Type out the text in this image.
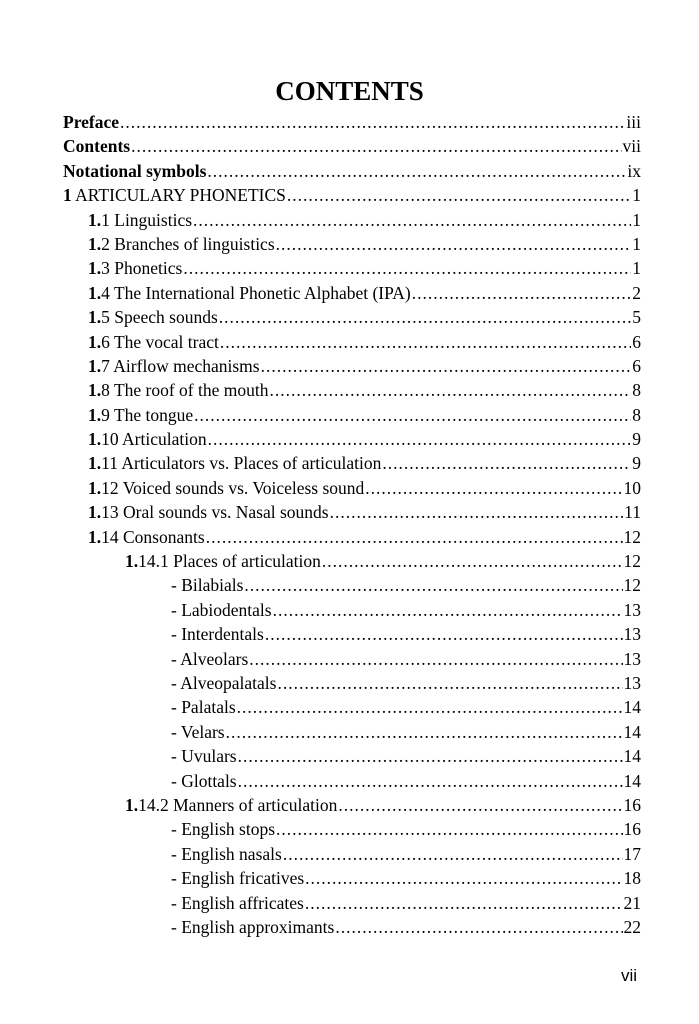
CONTENTS
Preface .....	iii
Contents .....	vii
Notational symbols .....	ix
1 ARTICULARY PHONETICS .....	1
1.1 Linguistics .....	1
1.2 Branches of linguistics .....	1
1.3 Phonetics .....	1
1.4 The International Phonetic Alphabet (IPA) .....	2
1.5 Speech sounds .....	5
1.6 The vocal tract .....	6
1.7 Airflow mechanisms .....	6
1.8 The roof of the mouth .....	8
1.9 The tongue .....	8
1.10 Articulation .....	9
1.11 Articulators vs. Places of articulation .....	9
1.12 Voiced sounds vs. Voiceless sound .....	10
1.13 Oral sounds vs. Nasal sounds .....	11
1.14 Consonants .....	12
1.14.1 Places of articulation .....	12
- Bilabials .....	12
- Labiodentals .....	13
- Interdentals .....	13
- Alveolars .....	13
- Alveopalatals .....	13
- Palatals .....	14
- Velars .....	14
- Uvulars .....	14
- Glottals .....	14
1.14.2 Manners of articulation .....	16
- English stops .....	16
- English nasals .....	17
- English fricatives .....	18
- English affricates .....	21
- English approximants .....	22
vii
